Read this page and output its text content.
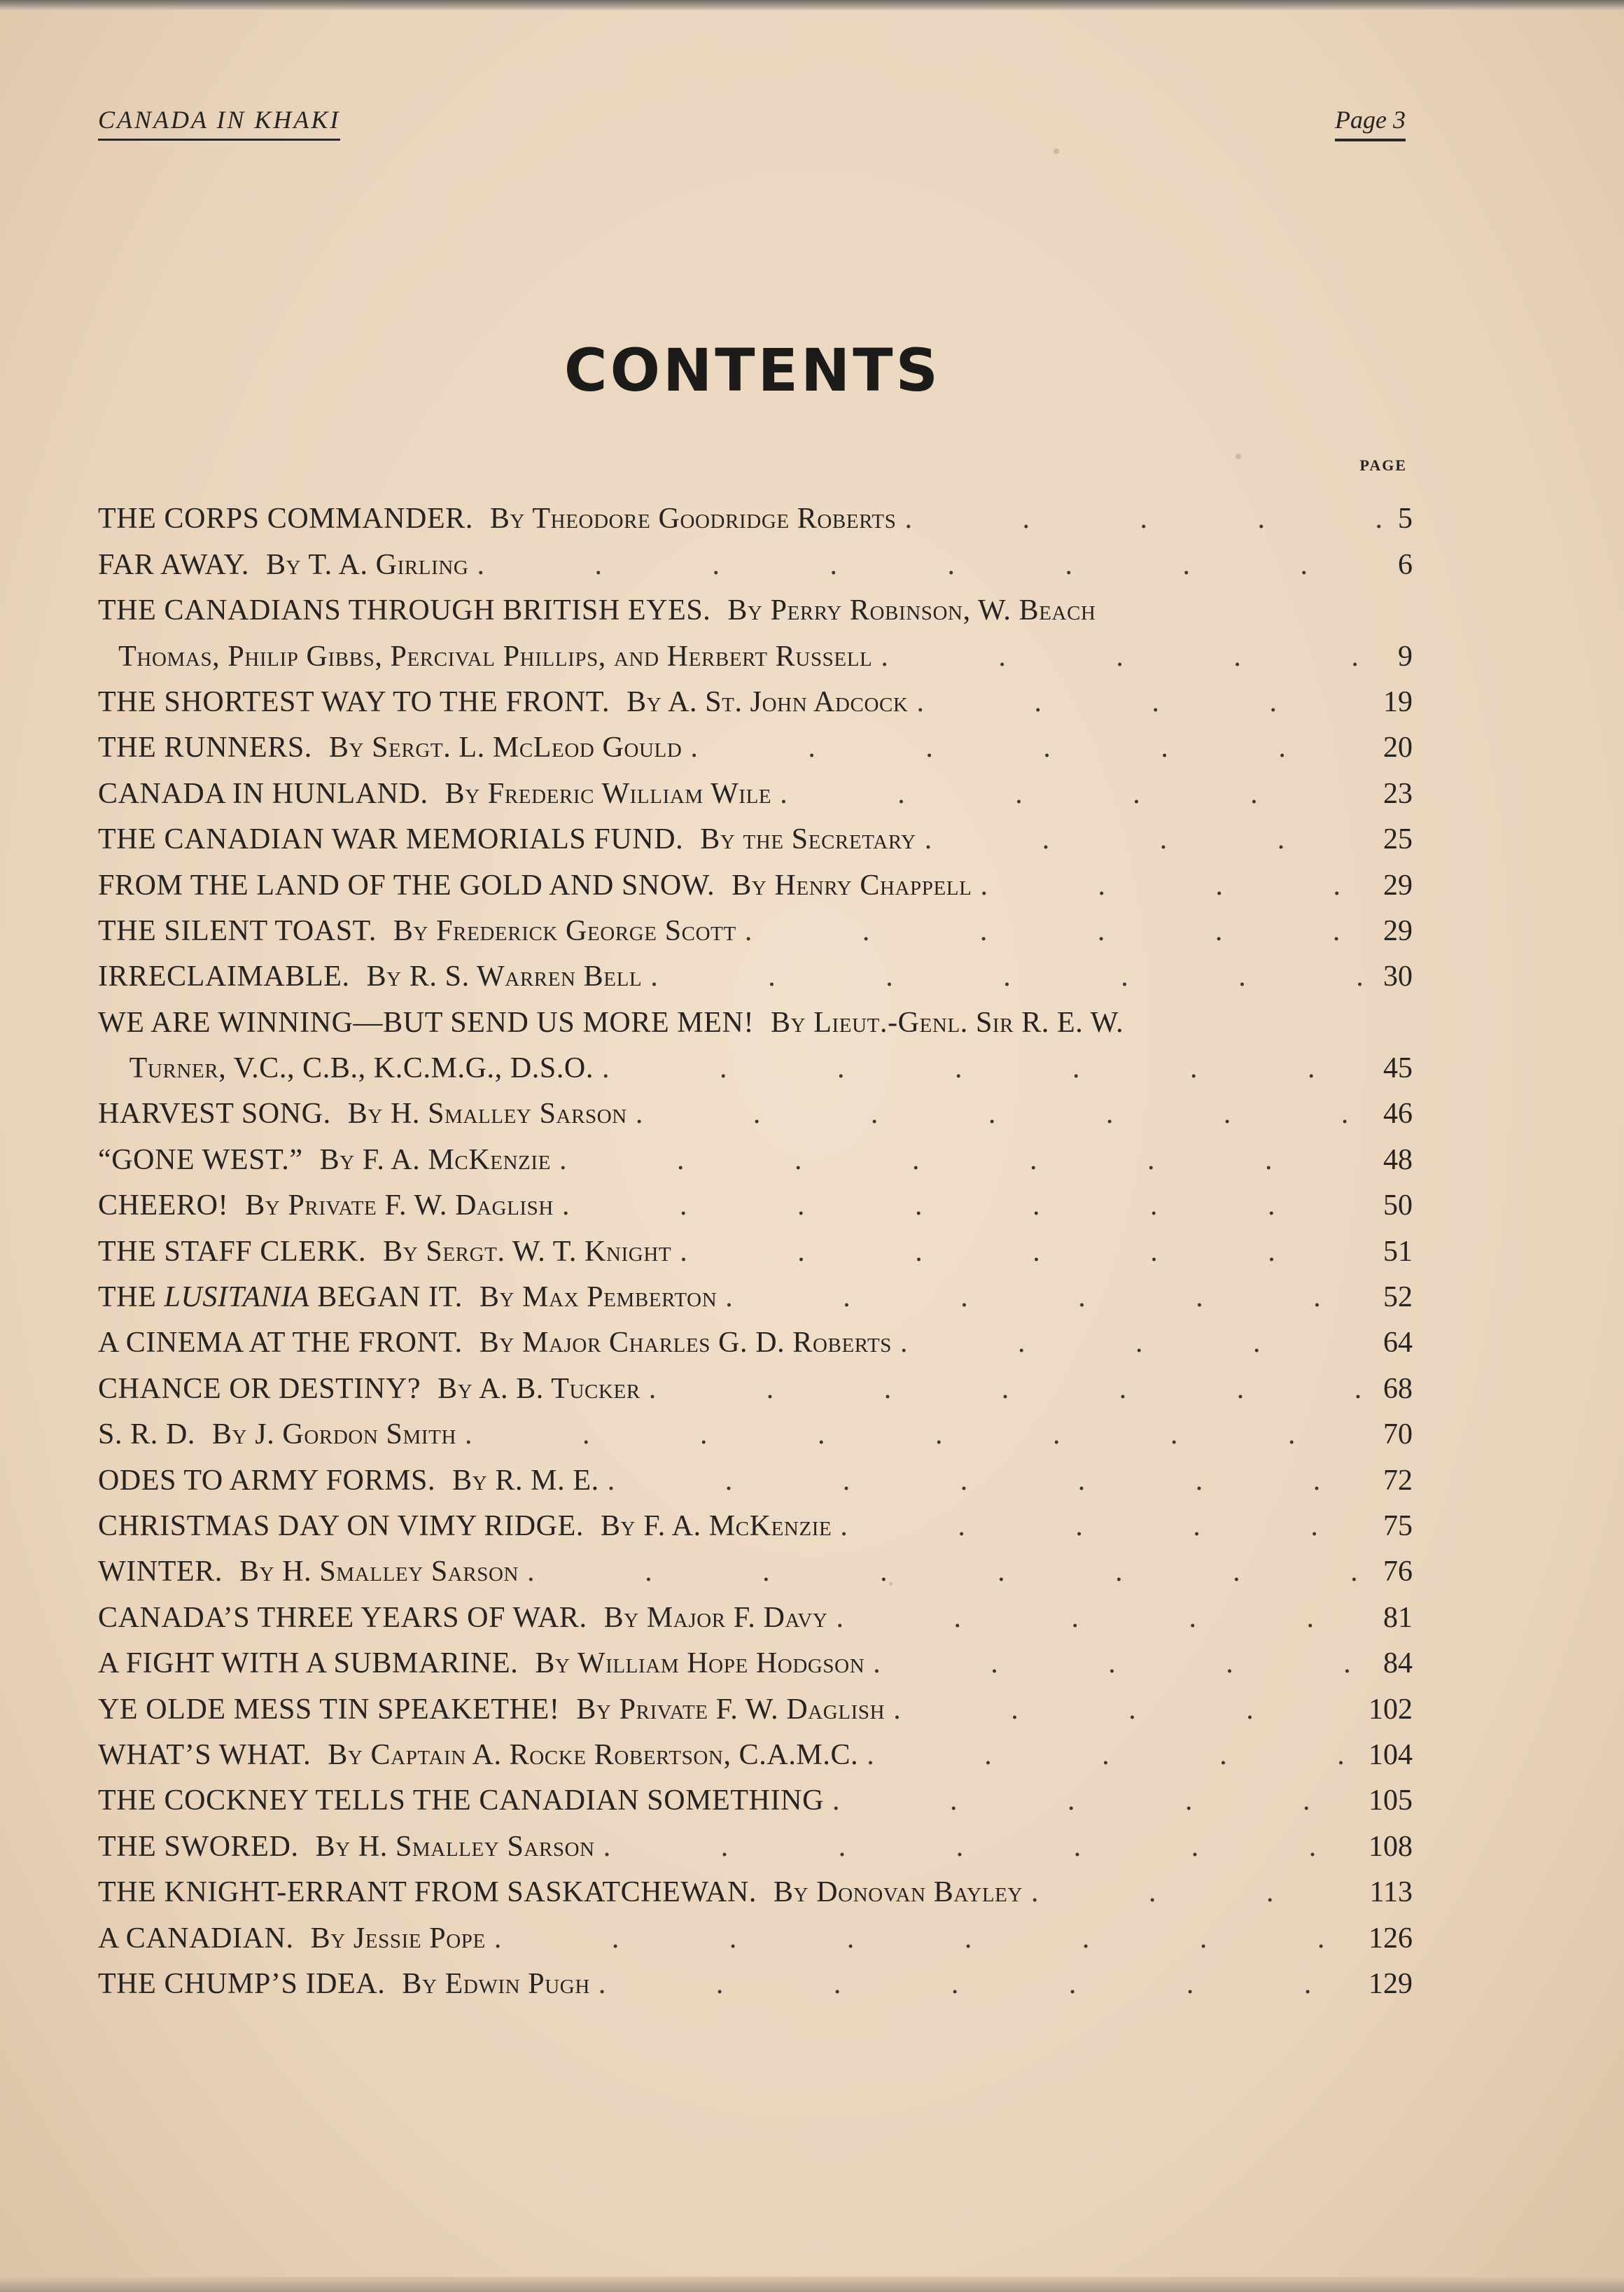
CANADA IN KHAKI	Page 3
CONTENTS
PAGE
THE CORPS COMMANDER. By Theodore Goodridge Roberts .	5
FAR AWAY. By T. A. Girling .	6
THE CANADIANS THROUGH BRITISH EYES. By Perry Robinson, W. Beach
Thomas, Philip Gibbs, Percival Phillips, and Herbert Russell .	9
THE SHORTEST WAY TO THE FRONT. By A. St. John Adcock .	19
THE RUNNERS. By Sergt. L. McLeod Gould .	20
CANADA IN HUNLAND. By Frederic William Wile .	23
THE CANADIAN WAR MEMORIALS FUND. By the Secretary .	25
FROM THE LAND OF THE GOLD AND SNOW. By Henry Chappell .	29
THE SILENT TOAST. By Frederick George Scott .	29
IRRECLAIMABLE. By R. S. Warren Bell .	30
WE ARE WINNING—BUT SEND US MORE MEN! By Lieut.-Genl. Sir R. E. W.
Turner, V.C., C.B., K.C.M.G., D.S.O. .	45
HARVEST SONG. By H. Smalley Sarson .	46
“GONE WEST.” By F. A. McKenzie .	48
CHEERO! By Private F. W. Daglish .	50
THE STAFF CLERK. By Sergt. W. T. Knight .	51
THE LUSITANIA BEGAN IT. By Max Pemberton .	52
A CINEMA AT THE FRONT. By Major Charles G. D. Roberts .	64
CHANCE OR DESTINY? By A. B. Tucker .	68
S. R. D. By J. Gordon Smith .	70
ODES TO ARMY FORMS. By R. M. E. .	72
CHRISTMAS DAY ON VIMY RIDGE. By F. A. McKenzie .	75
WINTER. By H. Smalley Sarson .	76
CANADA’S THREE YEARS OF WAR. By Major F. Davy .	81
A FIGHT WITH A SUBMARINE. By William Hope Hodgson .	84
YE OLDE MESS TIN SPEAKETHE! By Private F. W. Daglish .	102
WHAT’S WHAT. By Captain A. Rocke Robertson, C.A.M.C. .	104
THE COCKNEY TELLS THE CANADIAN SOMETHING .	105
THE SWORED. By H. Smalley Sarson .	108
THE KNIGHT-ERRANT FROM SASKATCHEWAN. By Donovan Bayley .	113
A CANADIAN. By Jessie Pope .	126
THE CHUMP’S IDEA. By Edwin Pugh .	129
